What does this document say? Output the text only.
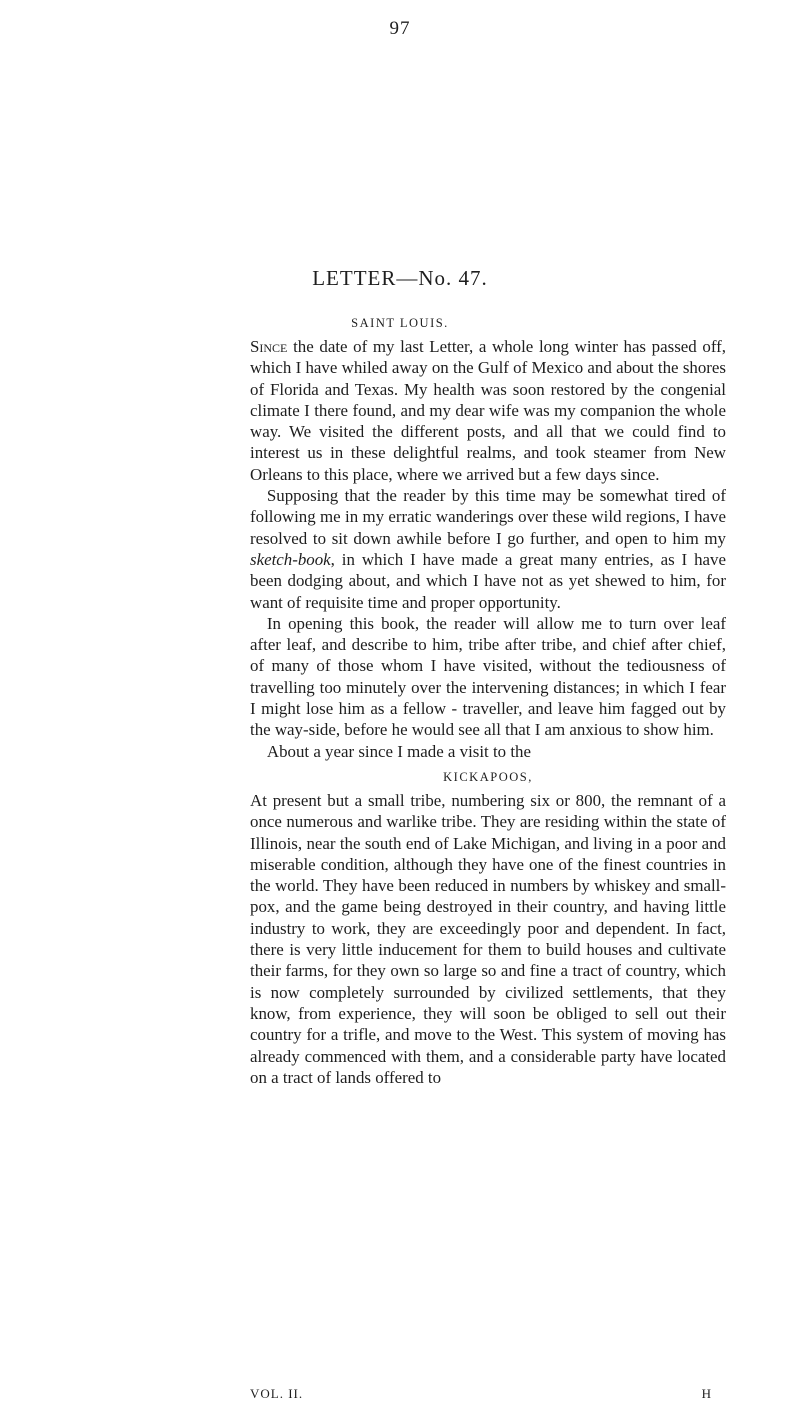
97
LETTER—No. 47.
SAINT LOUIS.

Since the date of my last Letter, a whole long winter has passed off, which I have whiled away on the Gulf of Mexico and about the shores of Florida and Texas. My health was soon restored by the congenial climate I there found, and my dear wife was my companion the whole way. We visited the different posts, and all that we could find to interest us in these delightful realms, and took steamer from New Orleans to this place, where we arrived but a few days since.

 Supposing that the reader by this time may be somewhat tired of following me in my erratic wanderings over these wild regions, I have resolved to sit down awhile before I go further, and open to him my sketch-book, in which I have made a great many entries, as I have been dodging about, and which I have not as yet shewed to him, for want of requisite time and proper opportunity.

 In opening this book, the reader will allow me to turn over leaf after leaf, and describe to him, tribe after tribe, and chief after chief, of many of those whom I have visited, without the tediousness of travelling too minutely over the intervening distances; in which I fear I might lose him as a fellow - traveller, and leave him fagged out by the way-side, before he would see all that I am anxious to show him.

 About a year since I made a visit to the

KICKAPOOS,

At present but a small tribe, numbering six or 800, the remnant of a once numerous and warlike tribe. They are residing within the state of Illinois, near the south end of Lake Michigan, and living in a poor and miserable condition, although they have one of the finest countries in the world. They have been reduced in numbers by whiskey and small-pox, and the game being destroyed in their country, and having little industry to work, they are exceedingly poor and dependent. In fact, there is very little inducement for them to build houses and cultivate their farms, for they own so large so and fine a tract of country, which is now completely surrounded by civilized settlements, that they know, from experience, they will soon be obliged to sell out their country for a trifle, and move to the West. This system of moving has already commenced with them, and a considerable party have located on a tract of lands offered to

VOL. II.	H
